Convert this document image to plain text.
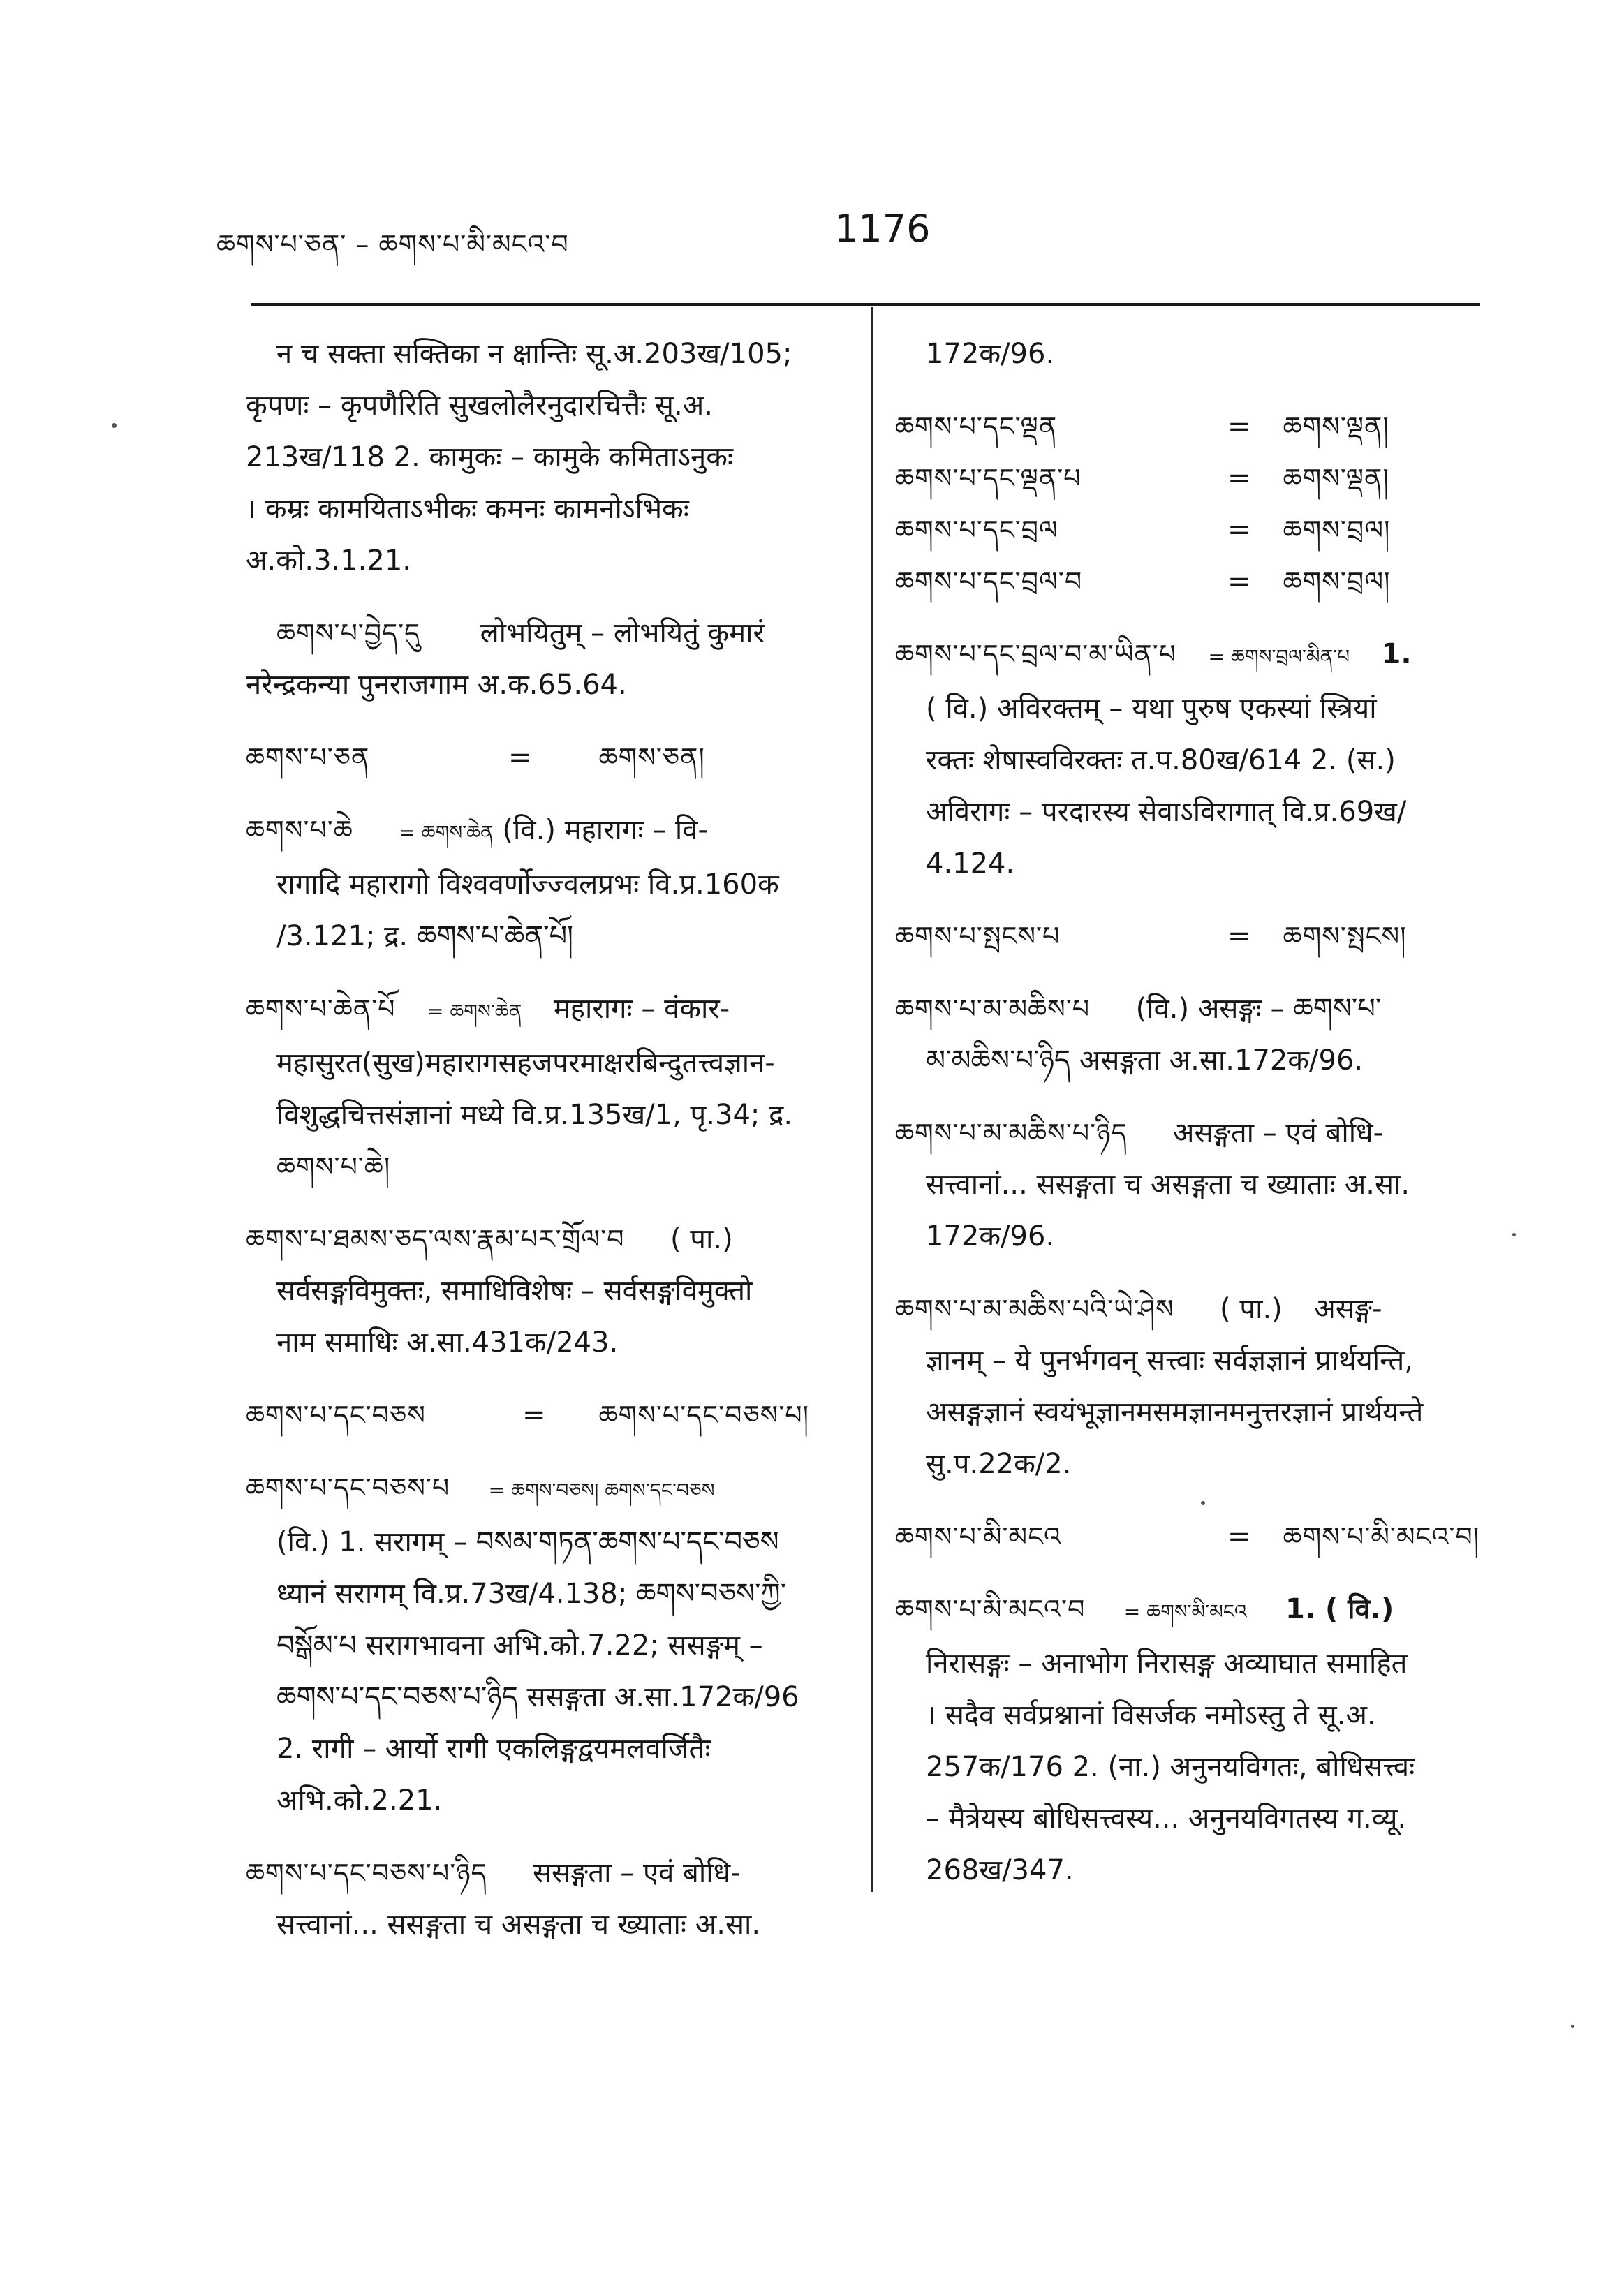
ཆགས་པ་ཅན་ – ཆགས་པ་མི་མངའ་བ	1176
न च सक्ता सक्तिका न क्षान्तिः सू.अ.203ख/105;
कृपणः – कृपणैरिति सुखलोलैरनुदारचित्तैः सू.अ.
213ख/118 2. कामुकः – कामुके कमिताऽनुकः
। कम्रः कामयिताऽभीकः कमनः कामनोऽभिकः
अ.को.3.1.21.
ཆགས་པ་བྱེད་དུ लोभयितुम् – लोभयितुं कुमारं
नरेन्द्रकन्या पुनराजगाम अ.क.65.64.
ཆགས་པ་ཅན	=	ཆགས་ཅན།
ཆགས་པ་ཆེ = ཆགས་ཆེན (वि.) महारागः – वि-
रागादि महारागो विश्ववर्णोज्ज्वलप्रभः वि.प्र.160क
/3.121; द्र. ཆགས་པ་ཆེན་པོ།
ཆགས་པ་ཆེན་པོ = ཆགས་ཆེན महारागः – वंकार-
महासुरत(सुख)महारागसहजपरमाक्षरबिन्दुतत्त्वज्ञान-
विशुद्धचित्तसंज्ञानां मध्ये वि.प्र.135ख/1, पृ.34; द्र.
ཆགས་པ་ཆེ།
ཆགས་པ་ཐམས་ཅད་ལས་རྣམ་པར་གྲོལ་བ ( पा.)
सर्वसङ्गविमुक्तः, समाधिविशेषः – सर्वसङ्गविमुक्तो
नाम समाधिः अ.सा.431क/243.
ཆགས་པ་དང་བཅས	= ཆགས་པ་དང་བཅས་པ།
ཆགས་པ་དང་བཅས་པ = ཆགས་བཅས། ཆགས་དང་བཅས
(वि.) 1. सरागम् – བསམ་གཏན་ཆགས་པ་དང་བཅས
ध्यानं सरागम् वि.प्र.73ख/4.138; ཆགས་བཅས་ཀྱི་
བསྒོམ་པ सरागभावना अभि.को.7.22; ससङ्गम् –
ཆགས་པ་དང་བཅས་པ་ཉིད ससङ्गता अ.सा.172क/96
2. रागी – आर्यो रागी एकलिङ्गद्वयमलवर्जितैः
अभि.को.2.21.
ཆགས་པ་དང་བཅས་པ་ཉིད ससङ्गता – एवं बोधि-
सत्त्वानां... ससङ्गता च असङ्गता च ख्याताः अ.सा.
172क/96.
ཆགས་པ་དང་ལྡན	= ཆགས་ལྡན།
ཆགས་པ་དང་ལྡན་པ	= ཆགས་ལྡན།
ཆགས་པ་དང་བྲལ	= ཆགས་བྲལ།
ཆགས་པ་དང་བྲལ་བ	= ཆགས་བྲལ།
ཆགས་པ་དང་བྲལ་བ་མ་ཡིན་པ = ཆགས་བྲལ་མིན་པ 1.
( वि.) अविरक्तम् – यथा पुरुष एकस्यां स्त्रियां
रक्तः शेषास्वविरक्तः त.प.80ख/614 2. (स.)
अविरागः – परदारस्य सेवाऽविरागात् वि.प्र.69ख/
4.124.
ཆགས་པ་སྤངས་པ	= ཆགས་སྤངས།
ཆགས་པ་མ་མཆིས་པ (वि.) असङ्गः – ཆགས་པ་
མ་མཆིས་པ་ཉིད असङ्गता अ.सा.172क/96.
ཆགས་པ་མ་མཆིས་པ་ཉིད असङ्गता – एवं बोधि-
सत्त्वानां... ससङ्गता च असङ्गता च ख्याताः अ.सा.
172क/96.
ཆགས་པ་མ་མཆིས་པའི་ཡེ་ཤེས ( पा.) असङ्ग-
ज्ञानम् – ये पुनर्भगवन् सत्त्वाः सर्वज्ञज्ञानं प्रार्थयन्ति,
असङ्गज्ञानं स्वयंभूज्ञानमसमज्ञानमनुत्तरज्ञानं प्रार्थयन्ते
सु.प.22क/2.
ཆགས་པ་མི་མངའ	= ཆགས་པ་མི་མངའ་བ།
ཆགས་པ་མི་མངའ་བ = ཆགས་མི་མངའ 1. ( वि.)
निरासङ्गः – अनाभोग निरासङ्ग अव्याघात समाहित
। सदैव सर्वप्रश्नानां विसर्जक नमोऽस्तु ते सू.अ.
257क/176 2. (ना.) अनुनयविगतः, बोधिसत्त्वः
– मैत्रेयस्य बोधिसत्त्वस्य... अनुनयविगतस्य ग.व्यू.
268ख/347.
